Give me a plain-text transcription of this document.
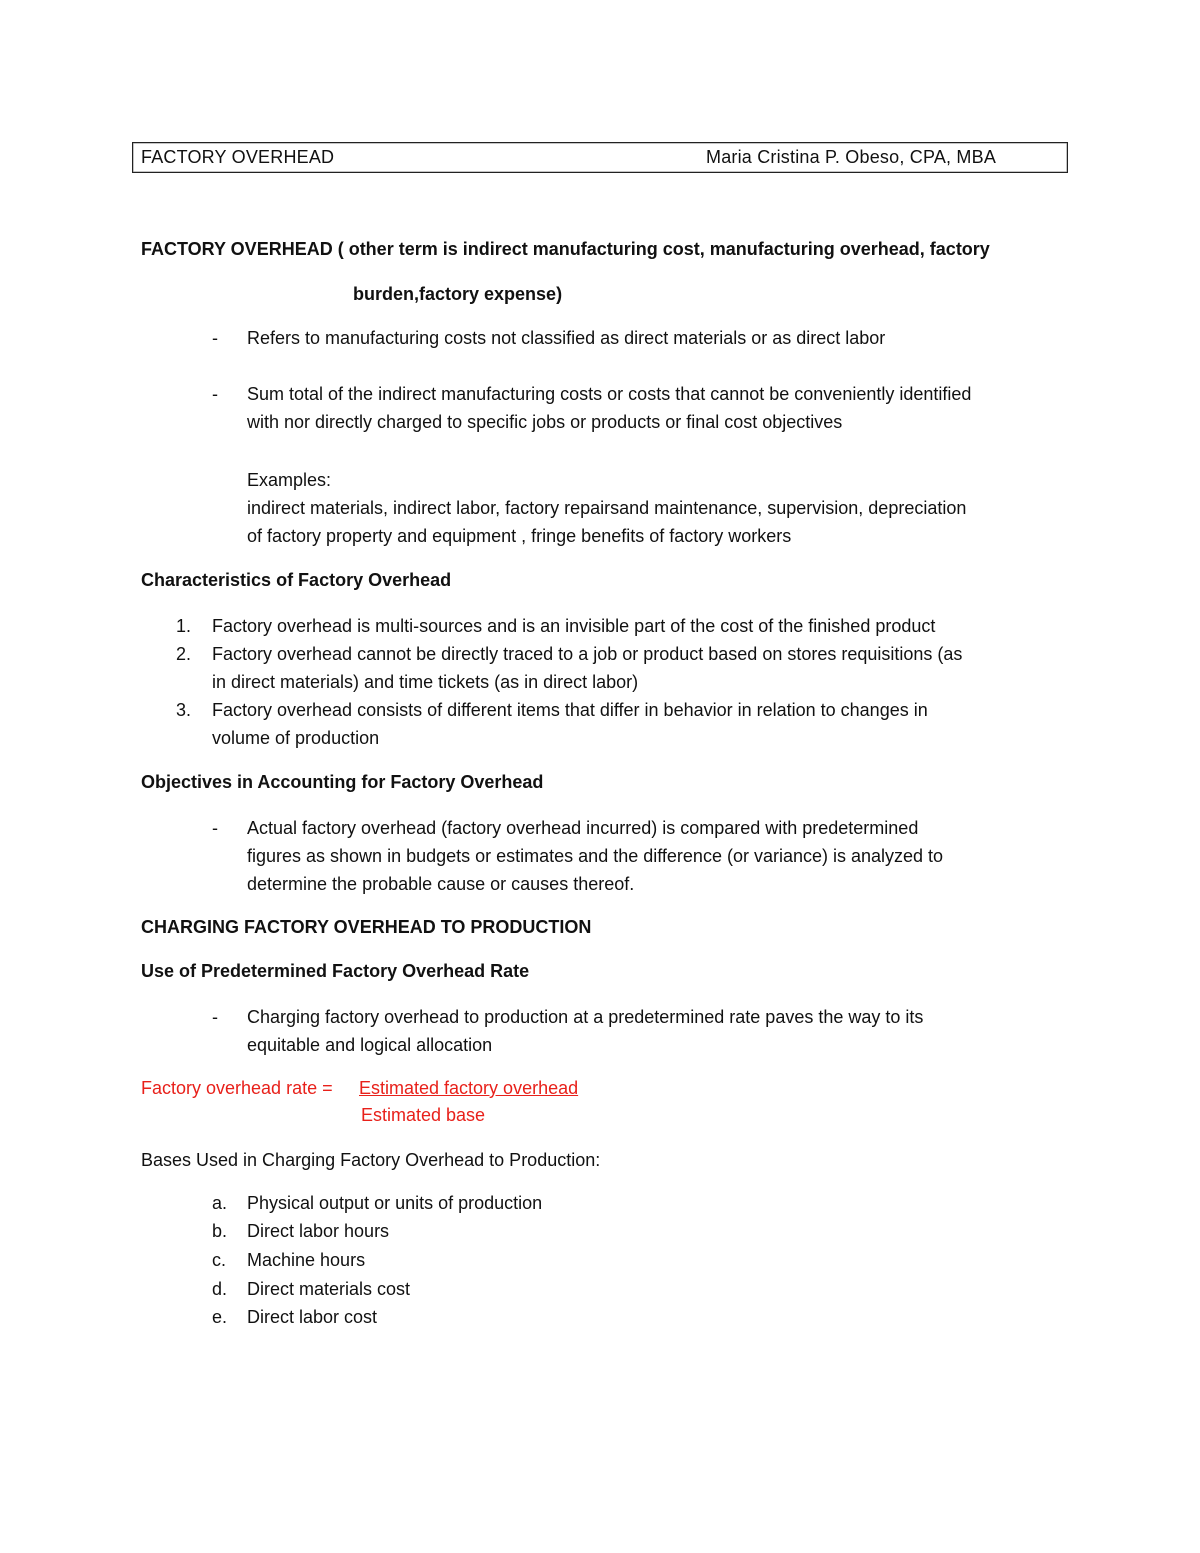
FACTORY OVERHEAD	Maria Cristina P. Obeso, CPA, MBA
FACTORY OVERHEAD ( other term is indirect manufacturing cost, manufacturing overhead, factory
burden,factory expense)
- Refers to manufacturing costs not classified as direct materials or as direct labor
- Sum total of the indirect manufacturing costs or costs that cannot be conveniently identified
with nor directly charged to specific jobs or products or final cost objectives
Examples:
indirect materials, indirect labor, factory repairsand maintenance, supervision, depreciation
of factory property and equipment , fringe benefits of factory workers
Characteristics of Factory Overhead
1. Factory overhead is multi-sources and is an invisible part of the cost of the finished product
2. Factory overhead cannot be directly traced to a job or product based on stores requisitions (as
in direct materials) and time tickets (as in direct labor)
3. Factory overhead consists of different items that differ in behavior in relation to changes in
volume of production
Objectives in Accounting for Factory Overhead
- Actual factory overhead (factory overhead incurred) is compared with predetermined
figures as shown in budgets or estimates and the difference (or variance) is analyzed to
determine the probable cause or causes thereof.
CHARGING FACTORY OVERHEAD TO PRODUCTION
Use of Predetermined Factory Overhead Rate
- Charging factory overhead to production at a predetermined rate paves the way to its
equitable and logical allocation
Factory overhead rate = Estimated factory overhead
Estimated base
Bases Used in Charging Factory Overhead to Production:
a. Physical output or units of production
b. Direct labor hours
c. Machine hours
d. Direct materials cost
e. Direct labor cost
